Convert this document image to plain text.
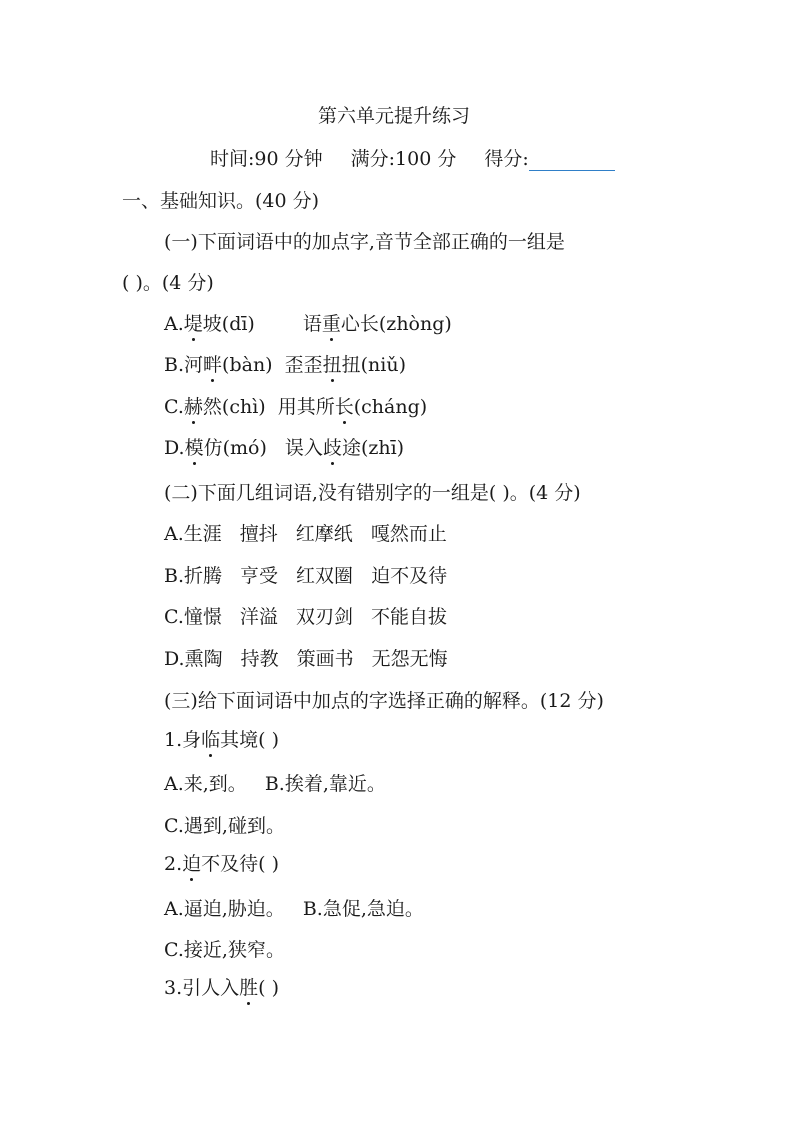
第六单元提升练习
时间:90 分钟 满分:100 分 得分:
一、基础知识。(40 分)
(一)下面词语中的加点字,音节全部正确的一组是
( )。(4 分)
A.堤坡(dī)	语重心长(zhòng)
B.河畔(bàn) 歪歪扭扭(niǔ)
C.赫然(chì) 用其所长(cháng)
D.模仿(mó) 误入歧途(zhī)
(二)下面几组词语,没有错别字的一组是( )。(4 分)
A.生涯 擅抖 红摩纸 嘎然而止
B.折腾 亨受 红双圈 迫不及待
C.憧憬 洋溢 双刃剑 不能自拔
D.熏陶 持教 策画书 无怨无悔
(三)给下面词语中加点的字选择正确的解释。(12 分)
1.身临其境( )
A.来,到。 B.挨着,靠近。
C.遇到,碰到。
2.迫不及待( )
A.逼迫,胁迫。 B.急促,急迫。
C.接近,狭窄。
3.引人入胜( )
